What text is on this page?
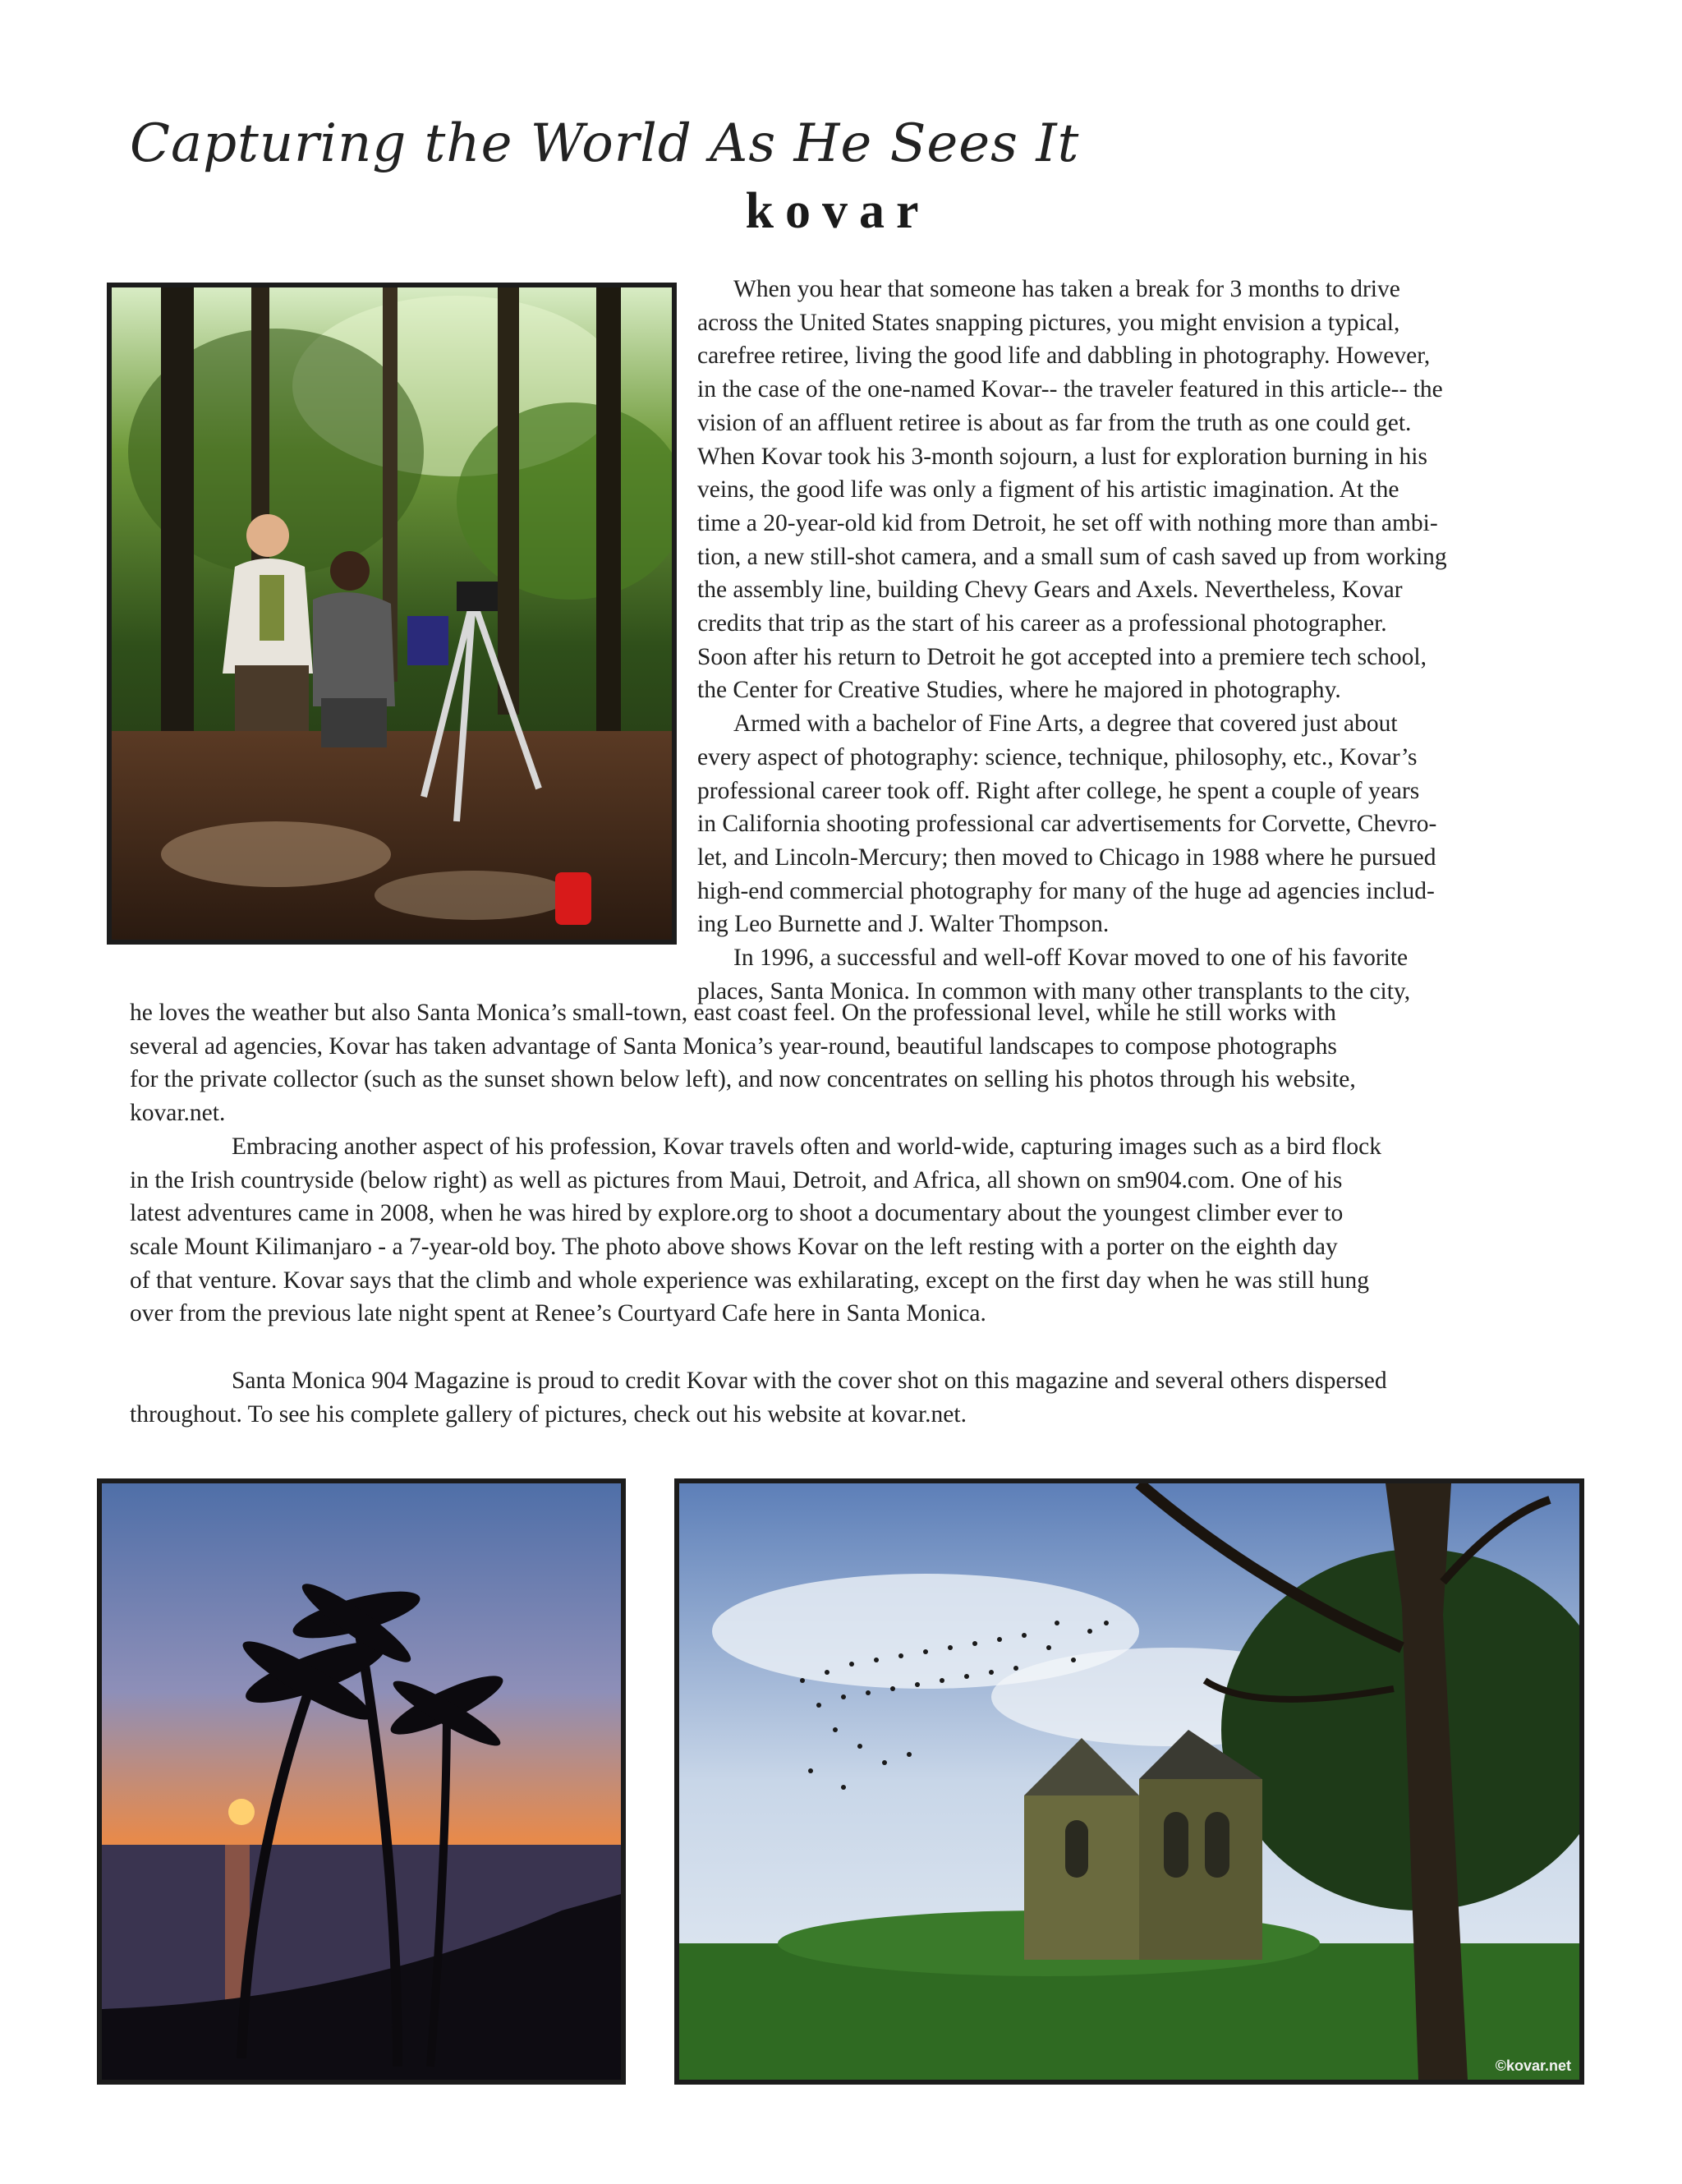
Capturing the World As He Sees It
kovar

When you hear that someone has taken a break for 3 months to drive
across the United States snapping pictures, you might envision a typical,
carefree retiree, living the good life and dabbling in photography. However,
in the case of the one-named Kovar-- the traveler featured in this article-- the
vision of an affluent retiree is about as far from the truth as one could get.
When Kovar took his 3-month sojourn, a lust for exploration burning in his
veins, the good life was only a figment of his artistic imagination. At the
time a 20-year-old kid from Detroit, he set off with nothing more than ambi-
tion, a new still-shot camera, and a small sum of cash saved up from working
the assembly line, building Chevy Gears and Axels. Nevertheless, Kovar
credits that trip as the start of his career as a professional photographer.
Soon after his return to Detroit he got accepted into a premiere tech school,
the Center for Creative Studies, where he majored in photography.

Armed with a bachelor of Fine Arts, a degree that covered just about
every aspect of photography: science, technique, philosophy, etc., Kovar’s
professional career took off. Right after college, he spent a couple of years
in California shooting professional car advertisements for Corvette, Chevro-
let, and Lincoln-Mercury; then moved to Chicago in 1988 where he pursued
high-end commercial photography for many of the huge ad agencies includ-
ing Leo Burnette and J. Walter Thompson.

In 1996, a successful and well-off Kovar moved to one of his favorite
places, Santa Monica. In common with many other transplants to the city,

he loves the weather but also Santa Monica’s small-town, east coast feel. On the professional level, while he still works with
several ad agencies, Kovar has taken advantage of Santa Monica’s year-round, beautiful landscapes to compose photographs
for the private collector (such as the sunset shown below left), and now concentrates on selling his photos through his website,
kovar.net.

Embracing another aspect of his profession, Kovar travels often and world-wide, capturing images such as a bird flock
in the Irish countryside (below right) as well as pictures from Maui, Detroit, and Africa, all shown on sm904.com. One of his
latest adventures came in 2008, when he was hired by explore.org to shoot a documentary about the youngest climber ever to
scale Mount Kilimanjaro - a 7-year-old boy. The photo above shows Kovar on the left resting with a porter on the eighth day
of that venture. Kovar says that the climb and whole experience was exhilarating, except on the first day when he was still hung
over from the previous late night spent at Renee’s Courtyard Cafe here in Santa Monica.

Santa Monica 904 Magazine is proud to credit Kovar with the cover shot on this magazine and several others dispersed
throughout. To see his complete gallery of pictures, check out his website at kovar.net.

©kovar.net
